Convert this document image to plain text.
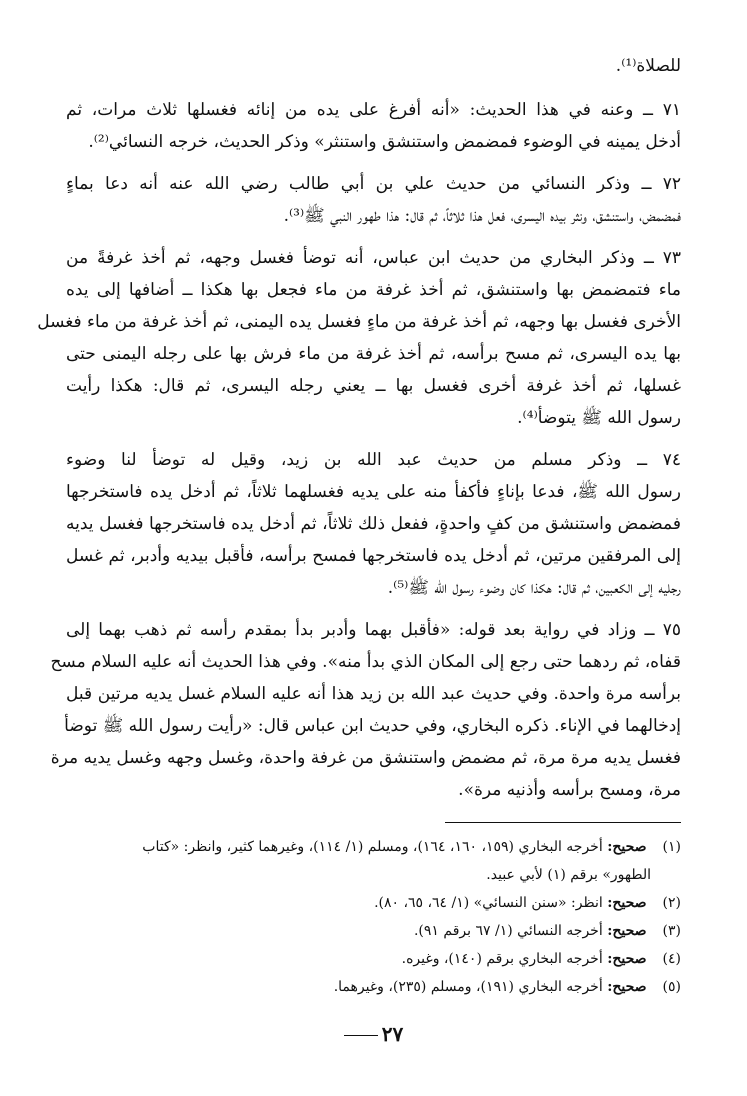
للصلاة⁽¹⁾.

٧١ ــ وعنه في هذا الحديث: «أنه أفرغ على يده من إنائه فغسلها ثلاث مرات، ثم

أدخل يمينه في الوضوء فمضمض واستنشق واستنثر» وذكر الحديث، خرجه النسائي⁽²⁾.

٧٢ ــ وذكر النسائي من حديث علي بن أبي طالب رضي الله عنه أنه دعا بماءٍ

فمضمض، واستنشق، ونثر بيده اليسرى، فعل هذا ثلاثاً، ثم قال: هذا طهور النبي ﷺ⁽³⁾.

٧٣ ــ وذكر البخاري من حديث ابن عباس، أنه توضأ فغسل وجهه، ثم أخذ غرفةً من

ماء فتمضمض بها واستنشق، ثم أخذ غرفة من ماء فجعل بها هكذا ــ أضافها إلى يده

الأخرى فغسل بها وجهه، ثم أخذ غرفة من ماءٍ فغسل يده اليمنى، ثم أخذ غرفة من ماء فغسل

بها يده اليسرى، ثم مسح برأسه، ثم أخذ غرفة من ماء فرش بها على رجله اليمنى حتى

غسلها، ثم أخذ غرفة أخرى فغسل بها ــ يعني رجله اليسرى، ثم قال: هكذا رأيت

رسول الله ﷺ يتوضأ⁽⁴⁾.

٧٤ ــ وذكر مسلم من حديث عبد الله بن زيد، وقيل له توضأ لنا وضوء

رسول الله ﷺ، فدعا بإناءٍ فأكفأ منه على يديه فغسلهما ثلاثاً، ثم أدخل يده فاستخرجها

فمضمض واستنشق من كفٍ واحدةٍ، ففعل ذلك ثلاثاً، ثم أدخل يده فاستخرجها فغسل يديه

إلى المرفقين مرتين، ثم أدخل يده فاستخرجها فمسح برأسه، فأقبل بيديه وأدبر، ثم غسل

رجليه إلى الكعبين، ثم قال: هكذا كان وضوء رسول الله ﷺ⁽⁵⁾.

٧٥ ــ وزاد في رواية بعد قوله: «فأقبل بهما وأدبر بدأ بمقدم رأسه ثم ذهب بهما إلى

قفاه، ثم ردهما حتى رجع إلى المكان الذي بدأ منه». وفي هذا الحديث أنه عليه السلام مسح

برأسه مرة واحدة. وفي حديث عبد الله بن زيد هذا أنه عليه السلام غسل يديه مرتين قبل

إدخالهما في الإناء. ذكره البخاري، وفي حديث ابن عباس قال: «رأيت رسول الله ﷺ توضأ

فغسل يديه مرة مرة، ثم مضمض واستنشق من غرفة واحدة، وغسل وجهه وغسل يديه مرة

مرة، ومسح برأسه وأذنيه مرة».

(١) صحيح: أخرجه البخاري (١٥٩، ١٦٠، ١٦٤)، ومسلم (١/ ١١٤)، وغيرهما كثير، وانظر: «كتاب

الطهور» برقم (١) لأبي عبيد.

(٢) صحيح: انظر: «سنن النسائي» (١/ ٦٤، ٦٥، ٨٠).

(٣) صحيح: أخرجه النسائي (١/ ٦٧ برقم ٩١).

(٤) صحيح: أخرجه البخاري برقم (١٤٠)، وغيره.

(٥) صحيح: أخرجه البخاري (١٩١)، ومسلم (٢٣٥)، وغيرهما.

٢٧
